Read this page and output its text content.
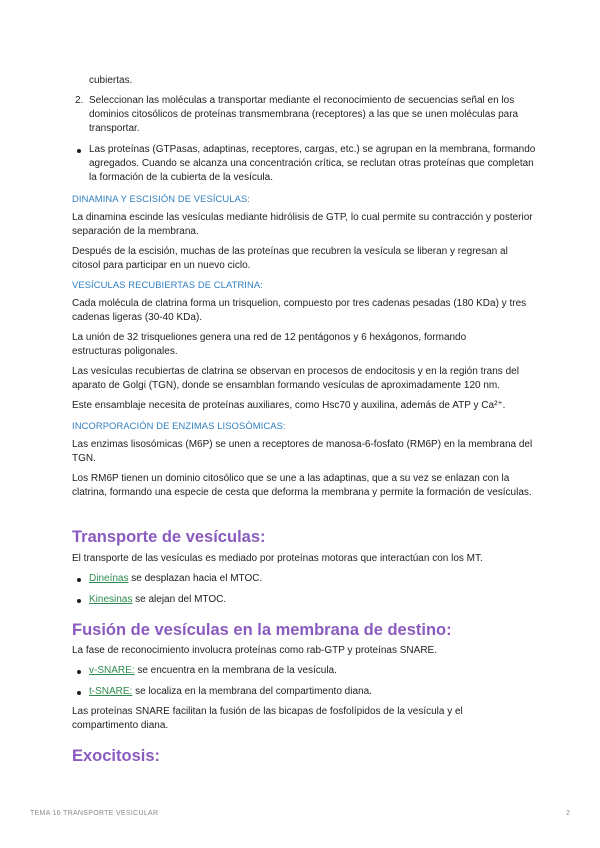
cubiertas.
2. Seleccionan las moléculas a transportar mediante el reconocimiento de secuencias señal en los dominios citosólicos de proteínas transmembrana (receptores) a las que se unen moléculas para transportar.
Las proteínas (GTPasas, adaptinas, receptores, cargas, etc.) se agrupan en la membrana, formando agregados. Cuando se alcanza una concentración crítica, se reclutan otras proteínas que completan la formación de la cubierta de la vesícula.
DINAMINA Y ESCISIÓN DE VESÍCULAS:
La dinamina escinde las vesículas mediante hidrólisis de GTP, lo cual permite su contracción y posterior separación de la membrana.
Después de la escisión, muchas de las proteínas que recubren la vesícula se liberan y regresan al citosol para participar en un nuevo ciclo.
VESÍCULAS RECUBIERTAS DE CLATRINA:
Cada molécula de clatrina forma un trisquelion, compuesto por tres cadenas pesadas (180 KDa) y tres cadenas ligeras (30-40 KDa).
La unión de 32 trisqueliones genera una red de 12 pentágonos y 6 hexágonos, formando estructuras poligonales.
Las vesículas recubiertas de clatrina se observan en procesos de endocitosis y en la región trans del aparato de Golgi (TGN), donde se ensamblan formando vesículas de aproximadamente 120 nm.
Este ensamblaje necesita de proteínas auxiliares, como Hsc70 y auxilina, además de ATP y Ca²⁺.
INCORPORACIÓN DE ENZIMAS LISOSÓMICAS:
Las enzimas lisosómicas (M6P) se unen a receptores de manosa-6-fosfato (RM6P) en la membrana del TGN.
Los RM6P tienen un dominio citosólico que se une a las adaptinas, que a su vez se enlazan con la clatrina, formando una especie de cesta que deforma la membrana y permite la formación de vesículas.
Transporte de vesículas:
El transporte de las vesículas es mediado por proteínas motoras que interactúan con los MT.
Dineínas se desplazan hacia el MTOC.
Kinesinas se alejan del MTOC.
Fusión de vesículas en la membrana de destino:
La fase de reconocimiento involucra proteínas como rab-GTP y proteínas SNARE.
v-SNARE: se encuentra en la membrana de la vesícula.
t-SNARE: se localiza en la membrana del compartimento diana.
Las proteínas SNARE facilitan la fusión de las bicapas de fosfolípidos de la vesícula y el compartimento diana.
Exocitosis:
TEMA 16 TRANSPORTE VESICULAR	2
